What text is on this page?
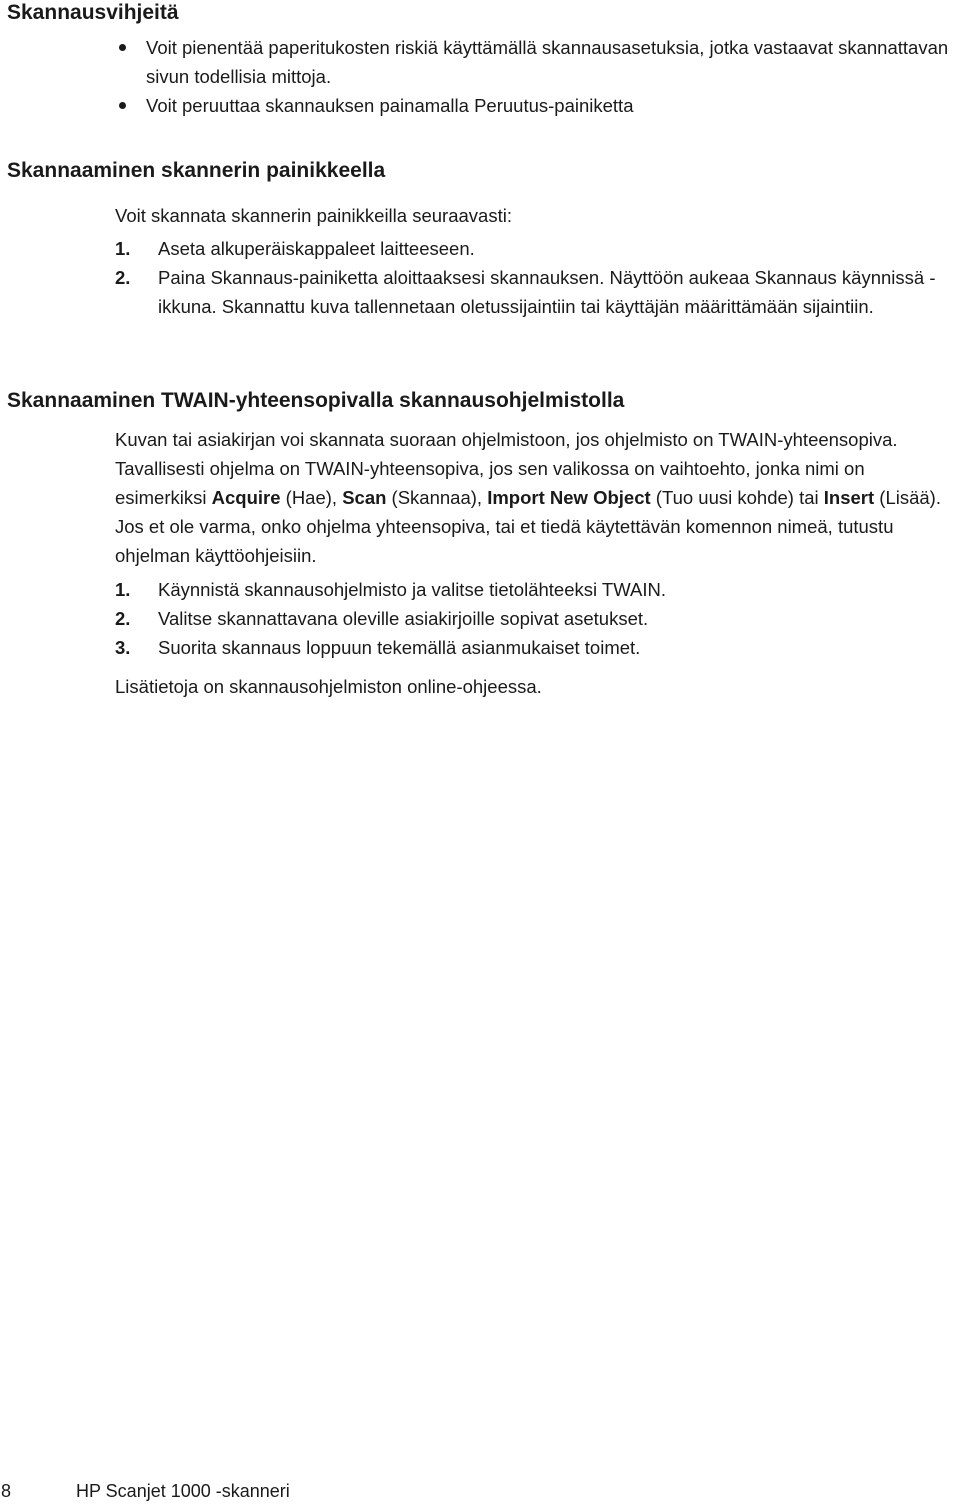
Skannausvihjeitä
Voit pienentää paperitukosten riskiä käyttämällä skannausasetuksia, jotka vastaavat skannattavan sivun todellisia mittoja.
Voit peruuttaa skannauksen painamalla Peruutus-painiketta
Skannaaminen skannerin painikkeella

Voit skannata skannerin painikkeilla seuraavasti:

1. Aseta alkuperäiskappaleet laitteeseen.
2. Paina Skannaus-painiketta aloittaaksesi skannauksen. Näyttöön aukeaa Skannaus käynnissä -ikkuna. Skannattu kuva tallennetaan oletussijaintiin tai käyttäjän määrittämään sijaintiin.
Skannaaminen TWAIN-yhteensopivalla skannausohjelmistolla

Kuvan tai asiakirjan voi skannata suoraan ohjelmistoon, jos ohjelmisto on TWAIN-yhteensopiva. Tavallisesti ohjelma on TWAIN-yhteensopiva, jos sen valikossa on vaihtoehto, jonka nimi on esimerkiksi Acquire (Hae), Scan (Skannaa), Import New Object (Tuo uusi kohde) tai Insert (Lisää). Jos et ole varma, onko ohjelma yhteensopiva, tai et tiedä käytettävän komennon nimeä, tutustu ohjelman käyttöohjeisiin.

1. Käynnistä skannausohjelmisto ja valitse tietolähteeksi TWAIN.
2. Valitse skannattavana oleville asiakirjoille sopivat asetukset.
3. Suorita skannaus loppuun tekemällä asianmukaiset toimet.

Lisätietoja on skannausohjelmiston online-ohjeessa.

8	HP Scanjet 1000 -skanneri
